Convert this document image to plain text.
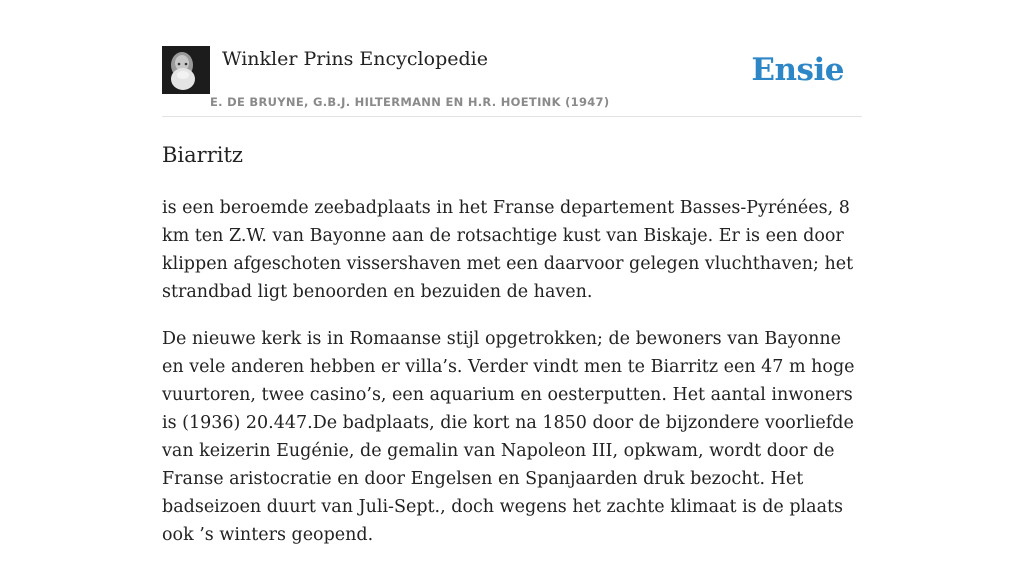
Winkler Prins Encyclopedie
E. DE BRUYNE, G.B.J. HILTERMANN EN H.R. HOETINK (1947)
Ensie
Biarritz

is een beroemde zeebadplaats in het Franse departement Basses-Pyrénées, 8 km ten Z.W. van Bayonne aan de rotsachtige kust van Biskaje. Er is een door klippen afgeschoten vissershaven met een daarvoor gelegen vluchthaven; het strandbad ligt benoorden en bezuiden de haven.

De nieuwe kerk is in Romaanse stijl opgetrokken; de bewoners van Bayonne en vele anderen hebben er villa’s. Verder vindt men te Biarritz een 47 m hoge vuurtoren, twee casino’s, een aquarium en oesterputten. Het aantal inwoners is (1936) 20.447.De badplaats, die kort na 1850 door de bijzondere voorliefde van keizerin Eugénie, de gemalin van Napoleon III, opkwam, wordt door de Franse aristocratie en door Engelsen en Spanjaarden druk bezocht. Het badseizoen duurt van Juli-Sept., doch wegens het zachte klimaat is de plaats ook ’s winters geopend.
